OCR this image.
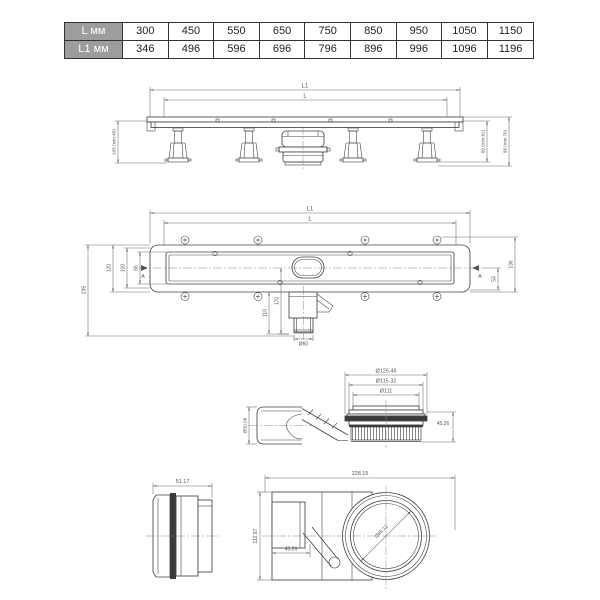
L мм	300	450	550	650	750	850	950	1050	1150
L1 мм	346	496	596	696	796	896	996	1096	1196
L1
L
105 (min.45)	80 (min.62)	98 (min.70)
L1
L
A	A
66
100
120
235
53
136
170
110
Ø60
Ø125.46
Ø115.32
Ø111
45.26
Ø50.09
51.17
228.15
45.26
112.87	Ø85.12
